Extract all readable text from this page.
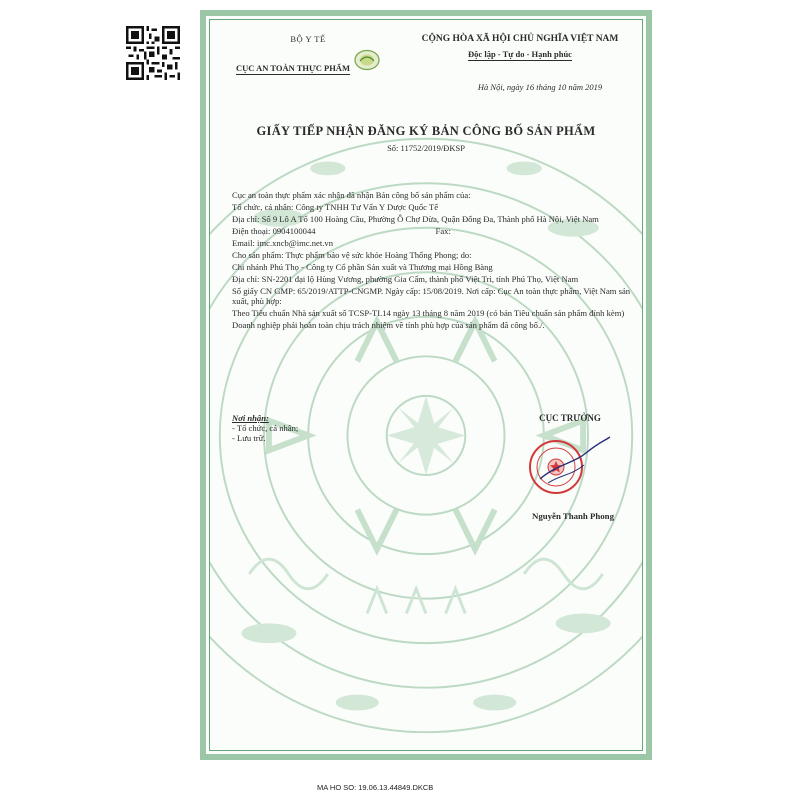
BỘ Y TẾ
CỤC AN TOÀN THỰC PHẨM
CỘNG HÒA XÃ HỘI CHỦ NGHĨA VIỆT NAM
Độc lập - Tự do - Hạnh phúc
Hà Nội, ngày 16 tháng 10 năm 2019
GIẤY TIẾP NHẬN ĐĂNG KÝ BẢN CÔNG BỐ SẢN PHẨM
Số: 11752/2019/ĐKSP

Cục an toàn thực phẩm xác nhận đã nhận Bản công bố sản phẩm của:

Tổ chức, cá nhân: Công ty TNHH Tư Vấn Y Dược Quốc Tế

Địa chỉ: Số 9 Lô A Tổ 100 Hoàng Cầu, Phường Ô Chợ Dừa, Quận Đống Đa, Thành phố Hà Nội, Việt Nam

Điện thoại: 0904100044	Fax:

Email: imc.xncb@imc.net.vn

Cho sản phẩm: Thực phẩm bảo vệ sức khỏe Hoàng Thống Phong; do:

Chi nhánh Phú Thọ - Công ty Cổ phần Sản xuất và Thương mại Hồng Bàng

Địa chỉ: SN-2201 đại lộ Hùng Vương, phường Gia Cẩm, thành phố Việt Trì, tỉnh Phú Thọ, Việt Nam

Số giấy CN GMP: 65/2019/ATTP-CNGMP. Ngày cấp: 15/08/2019. Nơi cấp: Cục An toàn thực phẩm, Việt Nam sản xuất, phù hợp:

Theo Tiêu chuẩn Nhà sản xuất số TCSP-TI.14 ngày 13 tháng 8 năm 2019 (có bản Tiêu chuẩn sản phẩm đính kèm)

Doanh nghiệp phải hoàn toàn chịu trách nhiệm về tính phù hợp của sản phẩm đã công bố./.

Nơi nhận:
- Tổ chức, cá nhân;
- Lưu trữ.
CỤC TRƯỞNG
Nguyễn Thanh Phong
MA HO SO: 19.06.13.44849.DKCB
